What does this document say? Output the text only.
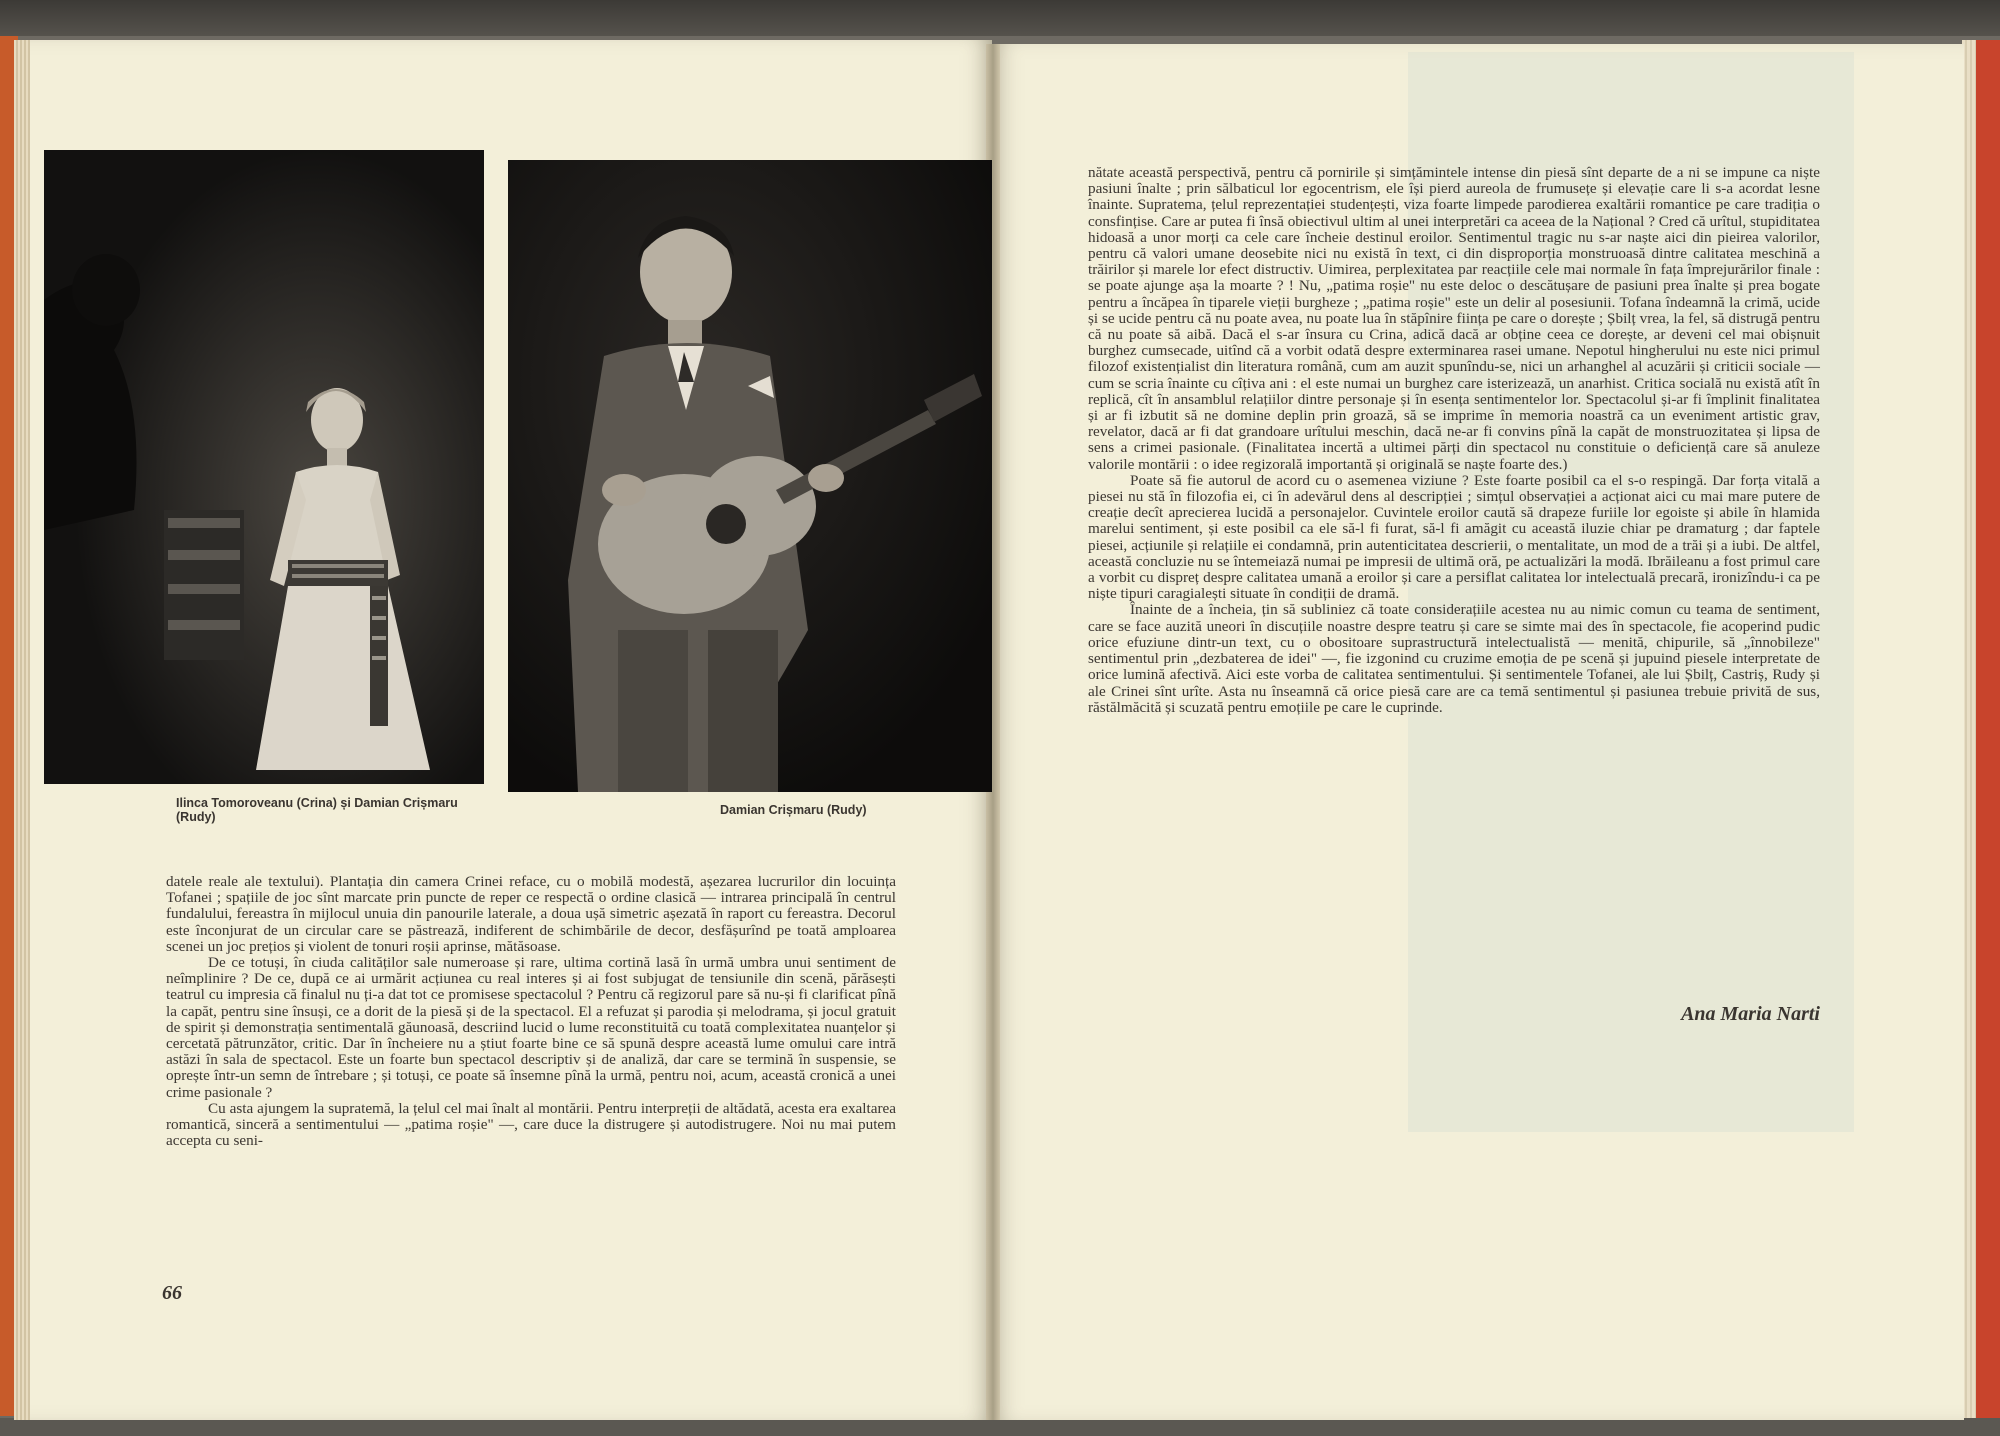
Ilinca Tomoroveanu (Crina) și Damian Crișmaru (Rudy)	Damian Crișmaru (Rudy)

datele reale ale textului). Plantația din camera Crinei reface, cu o mobilă modestă, așezarea lucrurilor din locuința Tofanei ; spațiile de joc sînt marcate prin puncte de reper ce respectă o ordine clasică — intrarea principală în centrul fundalului, fereastra în mijlocul unuia din panourile laterale, a doua ușă simetric așezată în raport cu fereastra. Decorul este înconjurat de un circular care se păstrează, indiferent de schimbările de decor, desfășurînd pe toată amploarea scenei un joc prețios și violent de tonuri roșii aprinse, mătăsoase.

De ce totuși, în ciuda calităților sale numeroase și rare, ultima cortină lasă în urmă umbra unui sentiment de neîmplinire ? De ce, după ce ai urmărit acțiunea cu real interes și ai fost subjugat de tensiunile din scenă, părăsești teatrul cu impresia că finalul nu ți-a dat tot ce promisese spectacolul ? Pentru că regizorul pare să nu-și fi clarificat pînă la capăt, pentru sine însuși, ce a dorit de la piesă și de la spectacol. El a refuzat și parodia și melodrama, și jocul gratuit de spirit și demonstrația sentimentală găunoasă, descriind lucid o lume reconstituită cu toată complexitatea nuanțelor și cercetată pătrunzător, critic. Dar în încheiere nu a știut foarte bine ce să spună despre această lume omului care intră astăzi în sala de spectacol. Este un foarte bun spectacol descriptiv și de analiză, dar care se termină în suspensie, se oprește într-un semn de întrebare ; și totuși, ce poate să însemne pînă la urmă, pentru noi, acum, această cronică a unei crime pasionale ?

Cu asta ajungem la supratemă, la țelul cel mai înalt al montării. Pentru interpreții de altădată, acesta era exaltarea romantică, sinceră a sentimentului — „patima roșie" —, care duce la distrugere și autodistrugere. Noi nu mai putem accepta cu seni-

66

nătate această perspectivă, pentru că pornirile și simțămintele intense din piesă sînt departe de a ni se impune ca niște pasiuni înalte ; prin sălbaticul lor egocentrism, ele își pierd aureola de frumusețe și elevație care li s-a acordat lesne înainte. Supratema, țelul reprezentației studențești, viza foarte limpede parodierea exaltării romantice pe care tradiția o consfințise. Care ar putea fi însă obiectivul ultim al unei interpretări ca aceea de la Național ? Cred că urîtul, stupiditatea hidoasă a unor morți ca cele care încheie destinul eroilor. Sentimentul tragic nu s-ar naște aici din pieirea valorilor, pentru că valori umane deosebite nici nu există în text, ci din disproporția monstruoasă dintre calitatea meschină a trăirilor și marele lor efect distructiv. Uimirea, perplexitatea par reacțiile cele mai normale în fața împrejurărilor finale : se poate ajunge așa la moarte ? ! Nu, „patima roșie" nu este deloc o descătușare de pasiuni prea înalte și prea bogate pentru a încăpea în tiparele vieții burgheze ; „patima roșie" este un delir al posesiunii. Tofana îndeamnă la crimă, ucide și se ucide pentru că nu poate avea, nu poate lua în stăpînire ființa pe care o dorește ; Șbilț vrea, la fel, să distrugă pentru că nu poate să aibă. Dacă el s-ar însura cu Crina, adică dacă ar obține ceea ce dorește, ar deveni cel mai obișnuit burghez cumsecade, uitînd că a vorbit odată despre exterminarea rasei umane. Nepotul hingherului nu este nici primul filozof existențialist din literatura română, cum am auzit spunîndu-se, nici un arhanghel al acuzării și criticii sociale — cum se scria înainte cu cîțiva ani : el este numai un burghez care isterizează, un anarhist. Critica socială nu există atît în replică, cît în ansamblul relațiilor dintre personaje și în esența sentimentelor lor. Spectacolul și-ar fi împlinit finalitatea și ar fi izbutit să ne domine deplin prin groază, să se imprime în memoria noastră ca un eveniment artistic grav, revelator, dacă ar fi dat grandoare urîtului meschin, dacă ne-ar fi convins pînă la capăt de monstruozitatea și lipsa de sens a crimei pasionale. (Finalitatea incertă a ultimei părți din spectacol nu constituie o deficiență care să anuleze valorile montării : o idee regizorală importantă și originală se naște foarte des.)

Poate să fie autorul de acord cu o asemenea viziune ? Este foarte posibil ca el s-o respingă. Dar forța vitală a piesei nu stă în filozofia ei, ci în adevărul dens al descripției ; simțul observației a acționat aici cu mai mare putere de creație decît aprecierea lucidă a personajelor. Cuvintele eroilor caută să drapeze furiile lor egoiste și abile în hlamida marelui sentiment, și este posibil ca ele să-l fi furat, să-l fi amăgit cu această iluzie chiar pe dramaturg ; dar faptele piesei, acțiunile și relațiile ei condamnă, prin autenticitatea descrierii, o mentalitate, un mod de a trăi și a iubi. De altfel, această concluzie nu se întemeiază numai pe impresii de ultimă oră, pe actualizări la modă. Ibrăileanu a fost primul care a vorbit cu dispreț despre calitatea umană a eroilor și care a persiflat calitatea lor intelectuală precară, ironizîndu-i ca pe niște tipuri caragialești situate în condiții de dramă.

Înainte de a încheia, țin să subliniez că toate considerațiile acestea nu au nimic comun cu teama de sentiment, care se face auzită uneori în discuțiile noastre despre teatru și care se simte mai des în spectacole, fie acoperind pudic orice efuziune dintr-un text, cu o obositoare suprastructură intelectualistă — menită, chipurile, să „înnobileze" sentimentul prin „dezbaterea de idei" —, fie izgonind cu cruzime emoția de pe scenă și jupuind piesele interpretate de orice lumină afectivă. Aici este vorba de calitatea sentimentului. Și sentimentele Tofanei, ale lui Șbilț, Castriș, Rudy și ale Crinei sînt urîte. Asta nu înseamnă că orice piesă care are ca temă sentimentul și pasiunea trebuie privită de sus, răstălmăcită și scuzată pentru emoțiile pe care le cuprinde.

Ana Maria Narti
